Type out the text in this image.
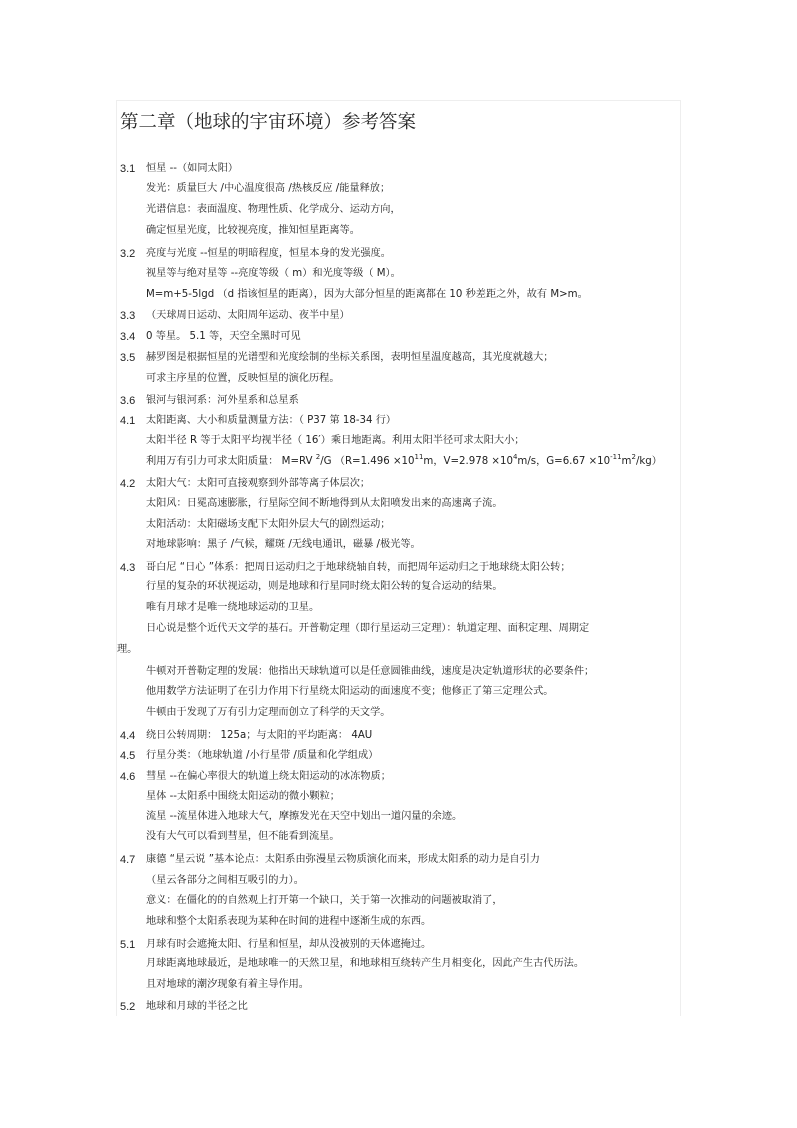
第二章（地球的宇宙环境）参考答案
3.1 恒星 --（如同太阳）
发光：质量巨大 /中心温度很高 /热核反应 /能量释放；
光谱信息：表面温度、物理性质、化学成分、运动方向，
确定恒星光度，比较视亮度，推知恒星距离等。
3.2 亮度与光度 --恒星的明暗程度，恒星本身的发光强度。
视星等与绝对星等 --亮度等级（ m）和光度等级（ M）。
M=m+5-5lgd （d 指该恒星的距离），因为大部分恒星的距离都在 10 秒差距之外，故有 M>m。
3.3 （天球周日运动、太阳周年运动、夜半中星）
3.4 0 等星。 5.1 等，天空全黑时可见
3.5 赫罗图是根据恒星的光谱型和光度绘制的坐标关系图，表明恒星温度越高，其光度就越大；
可求主序星的位置，反映恒星的演化历程。
3.6 银河与银河系：河外星系和总星系
4.1 太阳距离、大小和质量测量方法：（ P37 第 18-34 行）
太阳半径 R 等于太阳平均视半径（ 16′）乘日地距离。利用太阳半径可求太阳大小；
利用万有引力可求太阳质量： M=RV $^2$/G （$R=1.496 \times 10^{11}m$，$V=2.978 \times 10^4m/s$，$G=6.67 \times 10^{-11}m^2/kg$）
4.2 太阳大气：太阳可直接观察到外部等离子体层次；
太阳风：日冕高速膨胀，行星际空间不断地得到从太阳喷发出来的高速离子流。
太阳活动：太阳磁场支配下太阳外层大气的剧烈运动；
对地球影响：黑子 /气候，耀斑 /无线电通讯，磁暴 /极光等。
4.3 哥白尼 “日心 ”体系：把周日运动归之于地球绕轴自转，而把周年运动归之于地球绕太阳公转；
行星的复杂的环状视运动，则是地球和行星同时绕太阳公转的复合运动的结果。
唯有月球才是唯一绕地球运动的卫星。
日心说是整个近代天文学的基石。开普勒定理（即行星运动三定理）：轨道定理、面积定理、周期定
理。
牛顿对开普勒定理的发展：他指出天球轨道可以是任意圆锥曲线，速度是决定轨道形状的必要条件；
他用数学方法证明了在引力作用下行星绕太阳运动的面速度不变；他修正了第三定理公式。
牛顿由于发现了万有引力定理而创立了科学的天文学。
4.4 绕日公转周期： 125a；与太阳的平均距离： 4AU
4.5 行星分类：（地球轨道 /小行星带 /质量和化学组成）
4.6 彗星 --在偏心率很大的轨道上绕太阳运动的冰冻物质；
星体 --太阳系中围绕太阳运动的微小颗粒；
流星 --流星体进入地球大气，摩擦发光在天空中划出一道闪量的余迹。
没有大气可以看到彗星，但不能看到流星。
4.7 康德 “星云说 ”基本论点：太阳系由弥漫星云物质演化而来，形成太阳系的动力是自引力
（星云各部分之间相互吸引的力）。
意义：在僵化的的自然观上打开第一个缺口，关于第一次推动的问题被取消了，
地球和整个太阳系表现为某种在时间的进程中逐渐生成的东西。
5.1 月球有时会遮掩太阳、行星和恒星，却从没被别的天体遮掩过。
月球距离地球最近，是地球唯一的天然卫星，和地球相互绕转产生月相变化，因此产生古代历法。
且对地球的潮汐现象有着主导作用。
5.2 地球和月球的半径之比
